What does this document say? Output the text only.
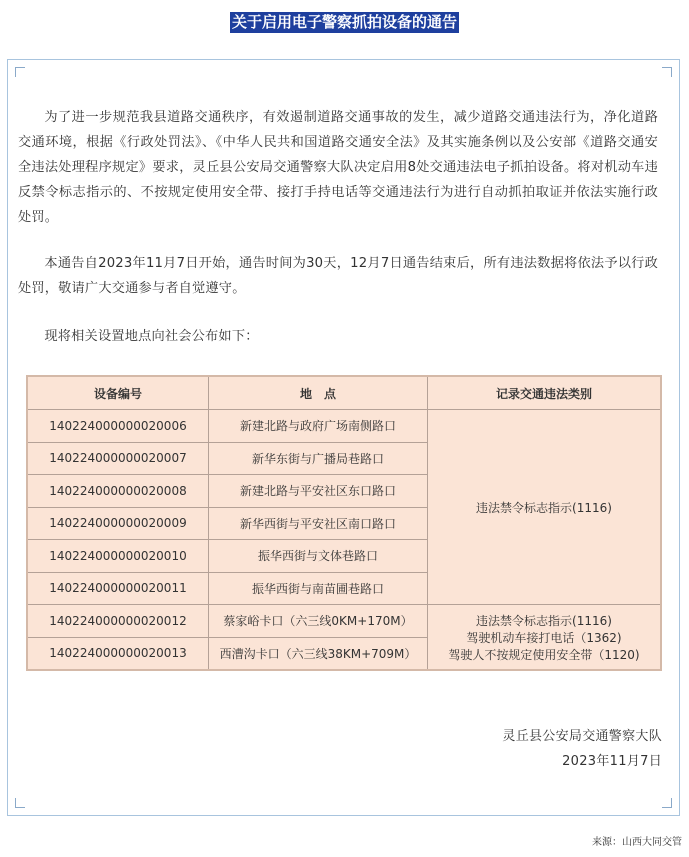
关于启用电子警察抓拍设备的通告

为了进一步规范我县道路交通秩序，有效遏制道路交通事故的发生，减少道路交通违法行为，净化道路交通环境，根据《行政处罚法》、《中华人民共和国道路交通安全法》及其实施条例以及公安部《道路交通安全违法处理程序规定》要求，灵丘县公安局交通警察大队决定启用8处交通违法电子抓拍设备。将对机动车违反禁令标志指示的、不按规定使用安全带、接打手持电话等交通违法行为进行自动抓拍取证并依法实施行政处罚。

本通告自2023年11月7日开始，通告时间为30天，12月7日通告结束后，所有违法数据将依法予以行政处罚，敬请广大交通参与者自觉遵守。

现将相关设置地点向社会公布如下：

设备编号	地　点	记录交通违法类别
140224000000020006	新建北路与政府广场南侧路口	违法禁令标志指示(1116)
140224000000020007	新华东街与广播局巷路口	
140224000000020008	新建北路与平安社区东口路口	
140224000000020009	新华西街与平安社区南口路口	
140224000000020010	振华西街与文体巷路口	
140224000000020011	振华西街与南苗圃巷路口	
140224000000020012	蔡家峪卡口（六三线0KM+170M）	违法禁令标志指示(1116)
驾驶机动车接打电话（1362)
驾驶人不按规定使用安全带（1120)

140224000000020013	西漕沟卡口（六三线38KM+709M）	

灵丘县公安局交通警察大队

2023年11月7日

来源：山西大同交管
